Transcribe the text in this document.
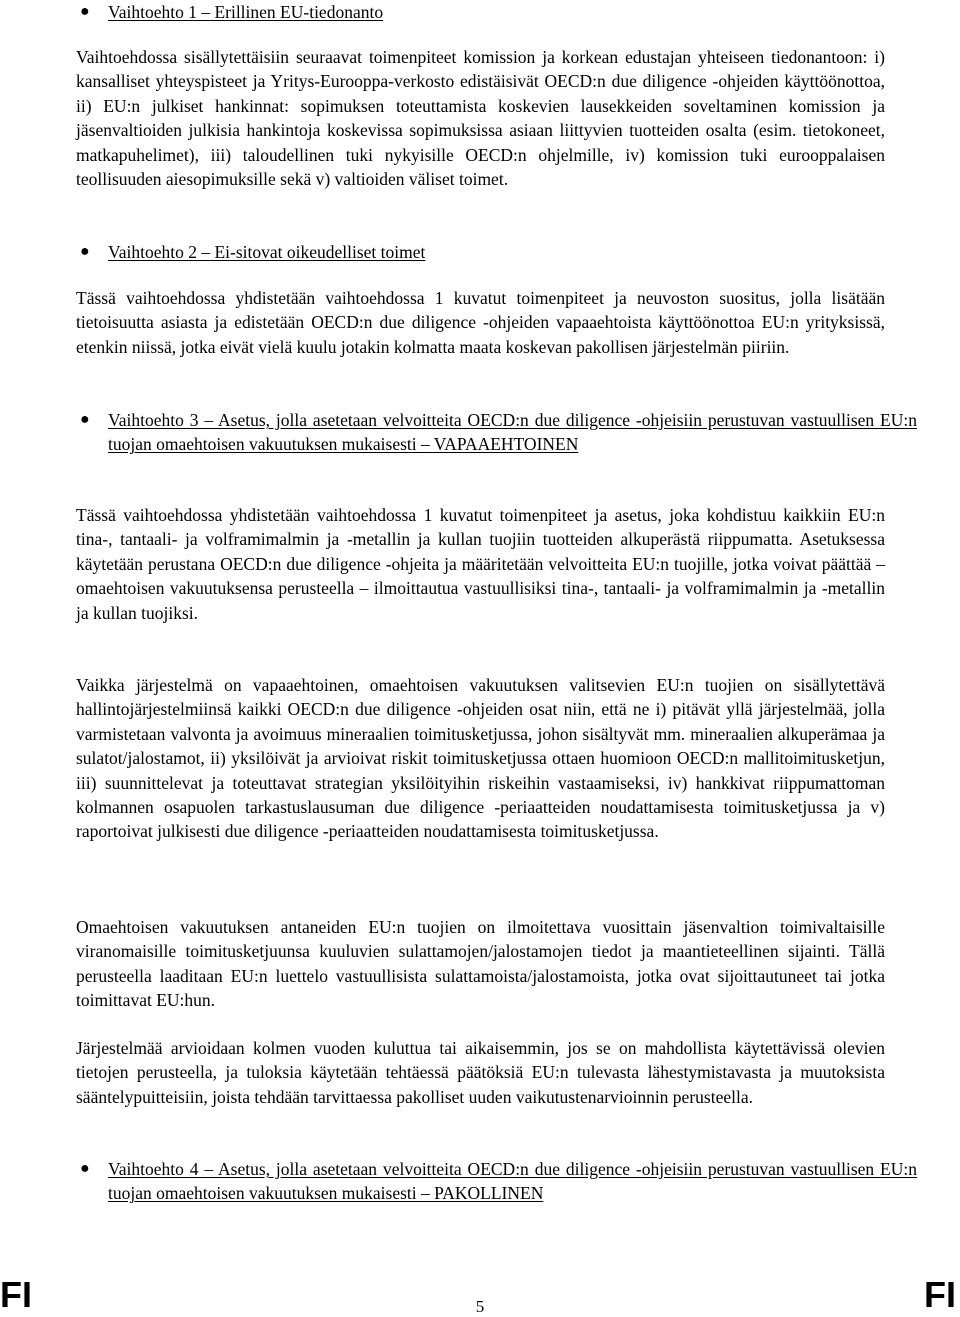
● Vaihtoehto 1 – Erillinen EU-tiedonanto

Vaihtoehdossa sisällytettäisiin seuraavat toimenpiteet komission ja korkean edustajan yhteiseen tiedonantoon: i) kansalliset yhteyspisteet ja Yritys-Eurooppa-verkosto edistäisivät OECD:n due diligence -ohjeiden käyttöönottoa, ii) EU:n julkiset hankinnat: sopimuksen toteuttamista koskevien lausekkeiden soveltaminen komission ja jäsenvaltioiden julkisia hankintoja koskevissa sopimuksissa asiaan liittyvien tuotteiden osalta (esim. tietokoneet, matkapuhelimet), iii) taloudellinen tuki nykyisille OECD:n ohjelmille, iv) komission tuki eurooppalaisen teollisuuden aiesopimuksille sekä v) valtioiden väliset toimet.

● Vaihtoehto 2 – Ei-sitovat oikeudelliset toimet

Tässä vaihtoehdossa yhdistetään vaihtoehdossa 1 kuvatut toimenpiteet ja neuvoston suositus, jolla lisätään tietoisuutta asiasta ja edistetään OECD:n due diligence -ohjeiden vapaaehtoista käyttöönottoa EU:n yrityksissä, etenkin niissä, jotka eivät vielä kuulu jotakin kolmatta maata koskevan pakollisen järjestelmän piiriin.

● Vaihtoehto 3 – Asetus, jolla asetetaan velvoitteita OECD:n due diligence -ohjeisiin perustuvan vastuullisen EU:n tuojan omaehtoisen vakuutuksen mukaisesti – VAPAAEHTOINEN

Tässä vaihtoehdossa yhdistetään vaihtoehdossa 1 kuvatut toimenpiteet ja asetus, joka kohdistuu kaikkiin EU:n tina-, tantaali- ja volframimalmin ja -metallin ja kullan tuojiin tuotteiden alkuperästä riippumatta. Asetuksessa käytetään perustana OECD:n due diligence -ohjeita ja määritetään velvoitteita EU:n tuojille, jotka voivat päättää – omaehtoisen vakuutuksensa perusteella – ilmoittautua vastuullisiksi tina-, tantaali- ja volframimalmin ja -metallin ja kullan tuojiksi.

Vaikka järjestelmä on vapaaehtoinen, omaehtoisen vakuutuksen valitsevien EU:n tuojien on sisällytettävä hallintojärjestelmiinsä kaikki OECD:n due diligence -ohjeiden osat niin, että ne i) pitävät yllä järjestelmää, jolla varmistetaan valvonta ja avoimuus mineraalien toimitusketjussa, johon sisältyvät mm. mineraalien alkuperämaa ja sulatot/jalostamot, ii) yksilöivät ja arvioivat riskit toimitusketjussa ottaen huomioon OECD:n mallitoimitusketjun, iii) suunnittelevat ja toteuttavat strategian yksilöityihin riskeihin vastaamiseksi, iv) hankkivat riippumattoman kolmannen osapuolen tarkastuslausuman due diligence -periaatteiden noudattamisesta toimitusketjussa ja v) raportoivat julkisesti due diligence -periaatteiden noudattamisesta toimitusketjussa.

Omaehtoisen vakuutuksen antaneiden EU:n tuojien on ilmoitettava vuosittain jäsenvaltion toimivaltaisille viranomaisille toimitusketjuunsa kuuluvien sulattamojen/jalostamojen tiedot ja maantieteellinen sijainti. Tällä perusteella laaditaan EU:n luettelo vastuullisista sulattamoista/jalostamoista, jotka ovat sijoittautuneet tai jotka toimittavat EU:hun.

Järjestelmää arvioidaan kolmen vuoden kuluttua tai aikaisemmin, jos se on mahdollista käytettävissä olevien tietojen perusteella, ja tuloksia käytetään tehtäessä päätöksiä EU:n tulevasta lähestymistavasta ja muutoksista sääntelypuitteisiin, joista tehdään tarvittaessa pakolliset uuden vaikutustenarvioinnin perusteella.

● Vaihtoehto 4 – Asetus, jolla asetetaan velvoitteita OECD:n due diligence -ohjeisiin perustuvan vastuullisen EU:n tuojan omaehtoisen vakuutuksen mukaisesti – PAKOLLINEN
FI	5	FI
